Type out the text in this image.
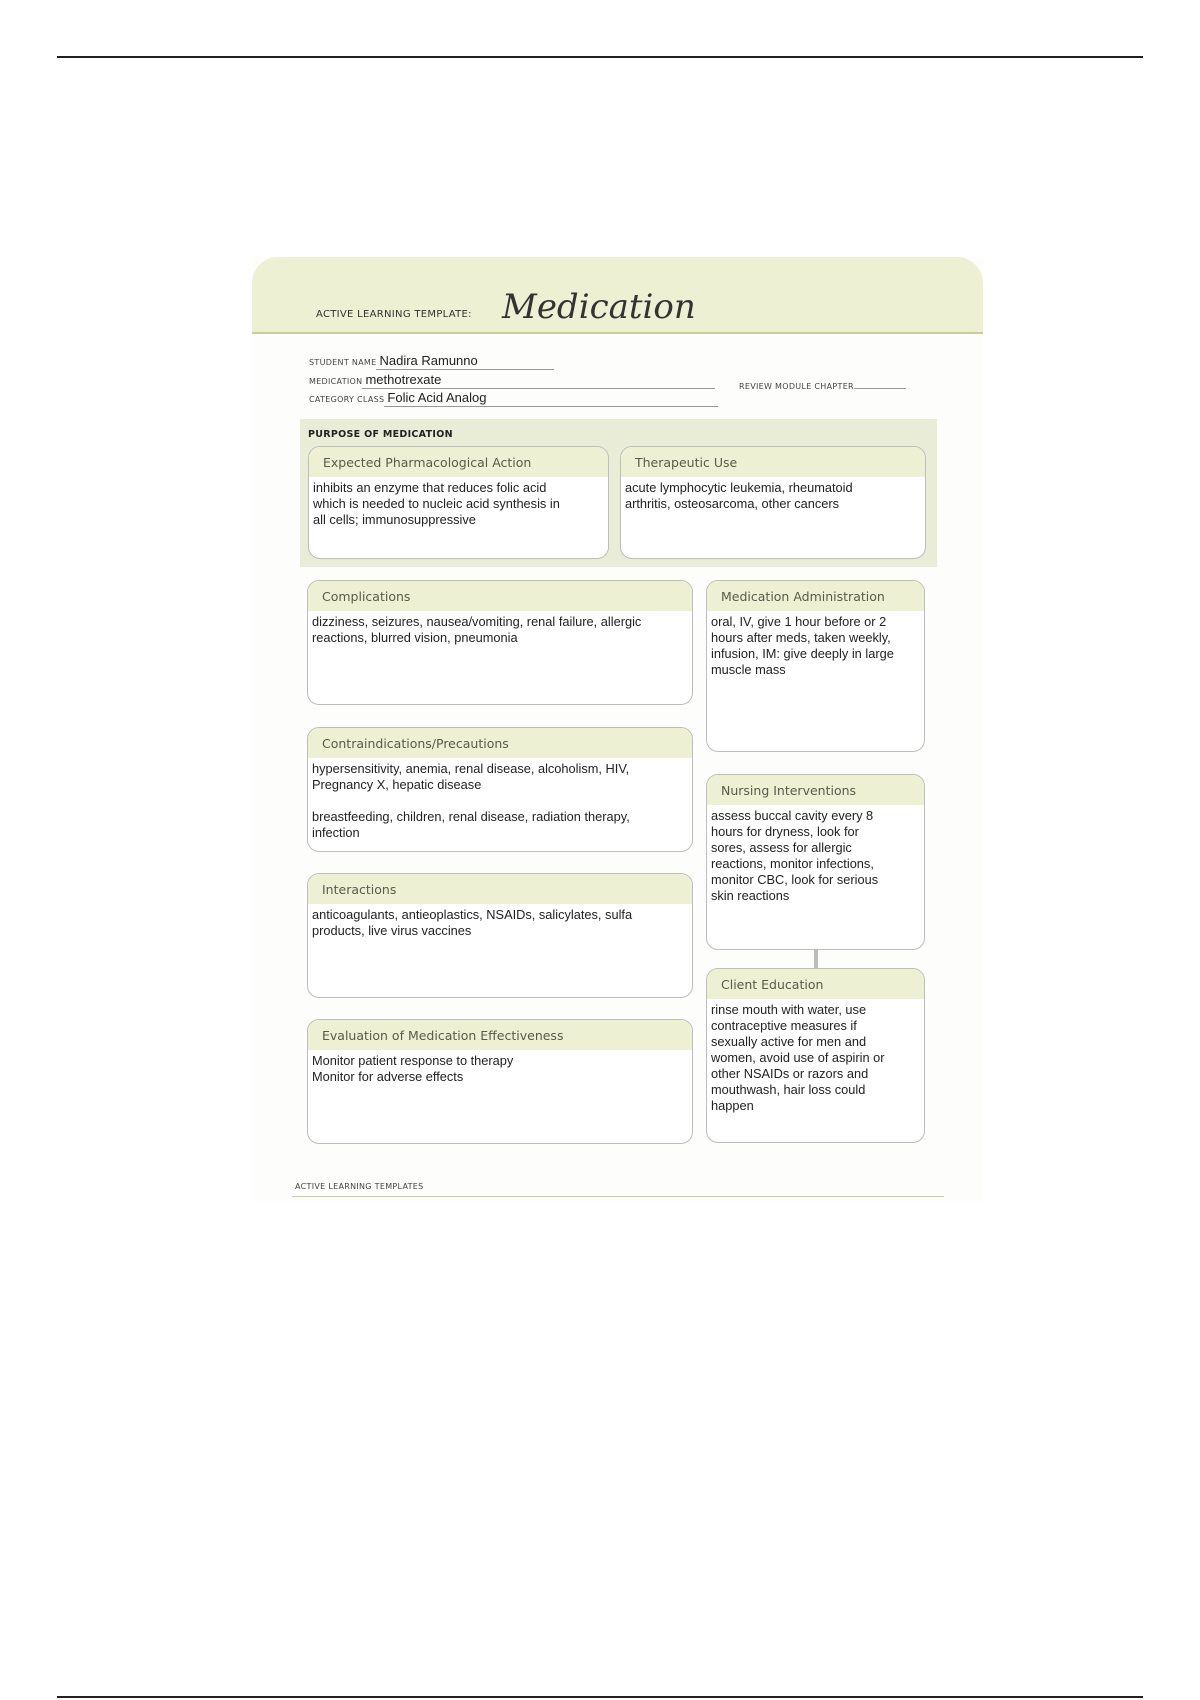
ACTIVE LEARNING TEMPLATE: Medication
STUDENT NAME Nadira Ramunno
MEDICATION methotrexate	REVIEW MODULE CHAPTER
CATEGORY CLASS Folic Acid Analog
PURPOSE OF MEDICATION
Expected Pharmacological Action
inhibits an enzyme that reduces folic acid
which is needed to nucleic acid synthesis in
all cells; immunosuppressive
Therapeutic Use
acute lymphocytic leukemia, rheumatoid
arthritis, osteosarcoma, other cancers
Complications
dizziness, seizures, nausea/vomiting, renal failure, allergic
reactions, blurred vision, pneumonia
Medication Administration
oral, IV, give 1 hour before or 2
hours after meds, taken weekly,
infusion, IM: give deeply in large
muscle mass
Contraindications/Precautions
hypersensitivity, anemia, renal disease, alcoholism, HIV,
Pregnancy X, hepatic disease

breastfeeding, children, renal disease, radiation therapy,
infection
Nursing Interventions
assess buccal cavity every 8
hours for dryness, look for
sores, assess for allergic
reactions, monitor infections,
monitor CBC, look for serious
skin reactions
Interactions
anticoagulants, antieoplastics, NSAIDs, salicylates, sulfa
products, live virus vaccines
Client Education
rinse mouth with water, use
contraceptive measures if
sexually active for men and
women, avoid use of aspirin or
other NSAIDs or razors and
mouthwash, hair loss could
happen
Evaluation of Medication Effectiveness
Monitor patient response to therapy
Monitor for adverse effects
ACTIVE LEARNING TEMPLATES
